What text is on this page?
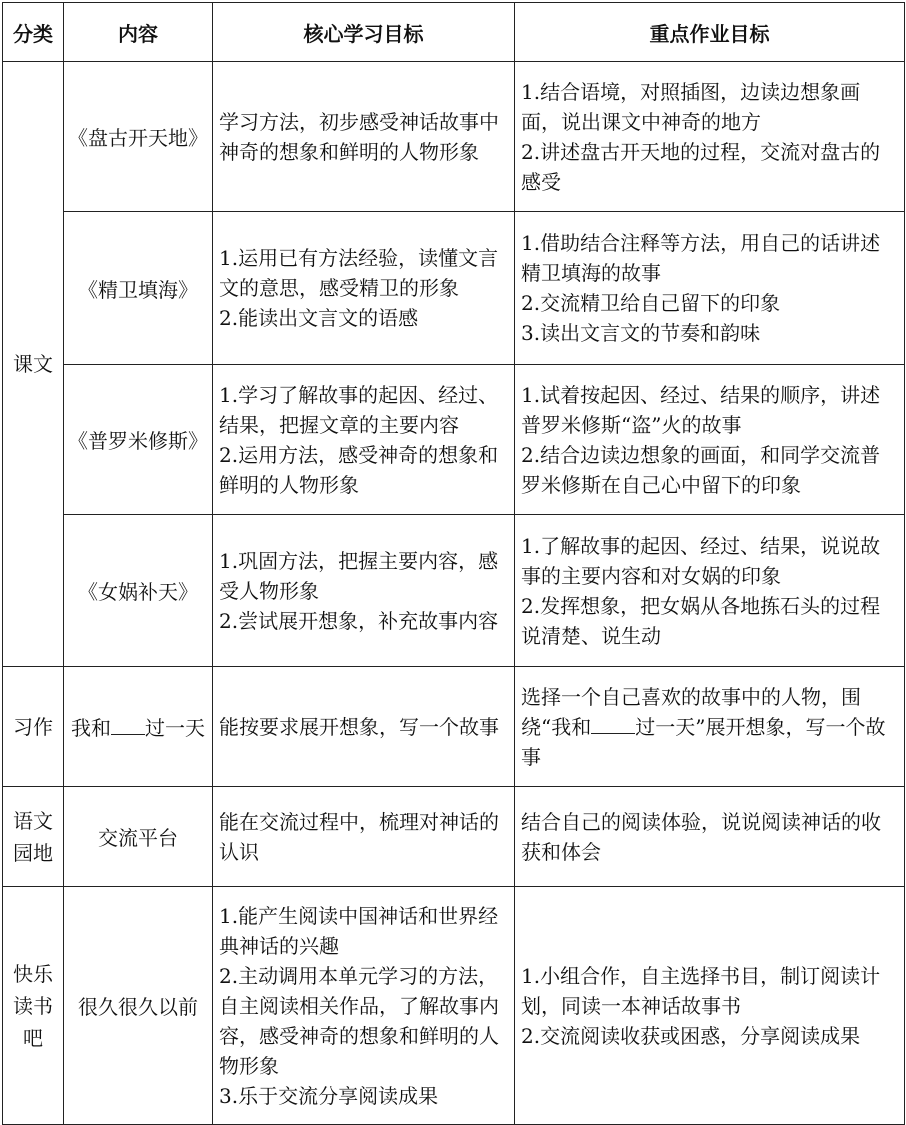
分类	内容	核心学习目标	重点作业目标
课文	《盘古开天地》	学习方法，初步感受神话故事中神奇的想象和鲜明的人物形象	1.结合语境，对照插图，边读边想象画面，说出课文中神奇的地方
2.讲述盘古开天地的过程，交流对盘古的感受

	《精卫填海》	1.运用已有方法经验，读懂文言文的意思，感受精卫的形象
2.能读出文言文的语感	1.借助结合注释等方法，用自己的话讲述精卫填海的故事
2.交流精卫给自己留下的印象
3.读出文言文的节奏和韵味

	《普罗米修斯》	1.学习了解故事的起因、经过、结果，把握文章的主要内容
2.运用方法，感受神奇的想象和鲜明的人物形象	1.试着按起因、经过、结果的顺序，讲述普罗米修斯“盗”火的故事
2.结合边读边想象的画面，和同学交流普罗米修斯在自己心中留下的印象

	《女娲补天》	1.巩固方法，把握主要内容，感受人物形象
2.尝试展开想象，补充故事内容	1.了解故事的起因、经过、结果，说说故事的主要内容和对女娲的印象
2.发挥想象，把女娲从各地拣石头的过程说清楚、说生动

习作	我和 过一天	能按要求展开想象，写一个故事	选择一个自己喜欢的故事中的人物，围绕“我和 过一天”展开想象，写一个故事

语文
园地	交流平台	能在交流过程中，梳理对神话的认识	结合自己的阅读体验，说说阅读神话的收获和体会

快乐
读书
吧	很久很久以前	1.能产生阅读中国神话和世界经典神话的兴趣
2.主动调用本单元学习的方法，自主阅读相关作品，了解故事内容，感受神奇的想象和鲜明的人物形象
3.乐于交流分享阅读成果	1.小组合作，自主选择书目，制订阅读计划，同读一本神话故事书
2.交流阅读收获或困惑，分享阅读成果
